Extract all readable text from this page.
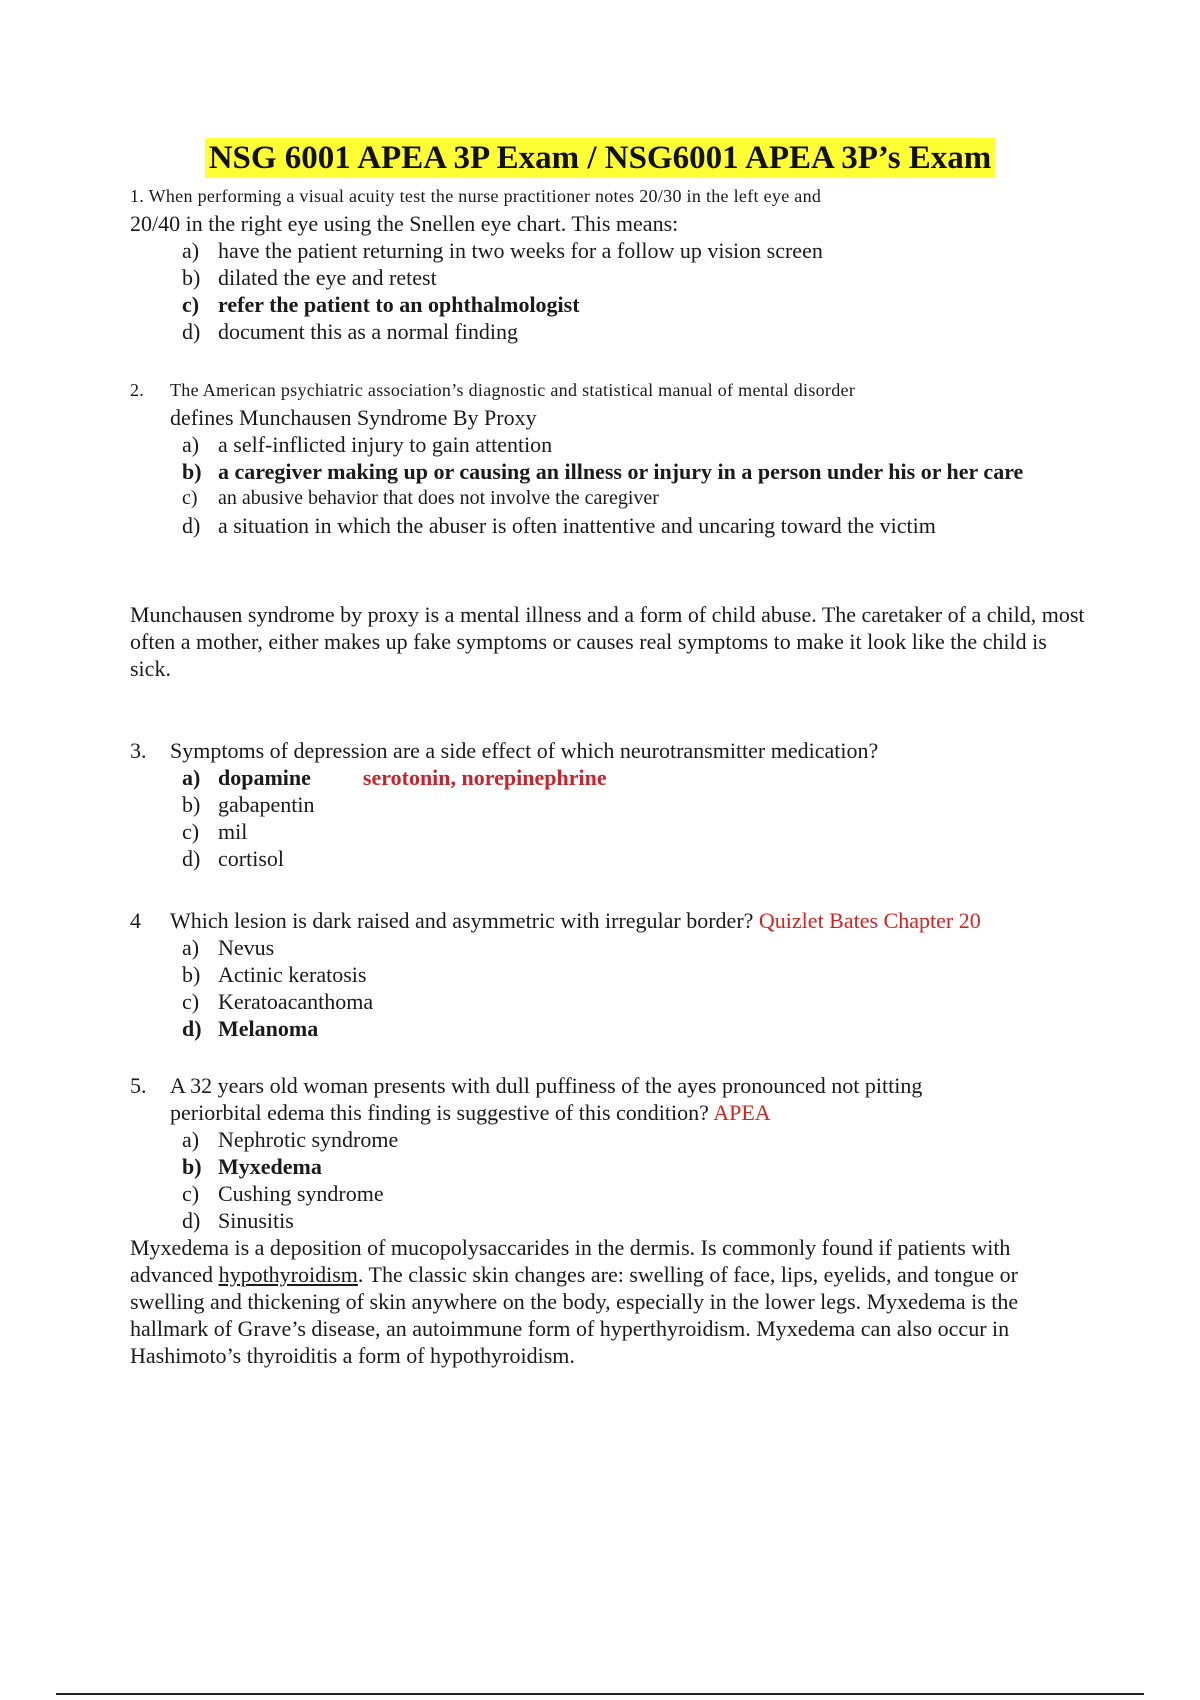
NSG 6001 APEA 3P Exam / NSG6001 APEA 3P’s Exam

1. When performing a visual acuity test the nurse practitioner notes 20/30 in the left eye and

20/40 in the right eye using the Snellen eye chart. This means:

a) have the patient returning in two weeks for a follow up vision screen
b) dilated the eye and retest
c) refer the patient to an ophthalmologist
d) document this as a normal finding

2. The American psychiatric association’s diagnostic and statistical manual of mental disorder

defines Munchausen Syndrome By Proxy

a) a self-inflicted injury to gain attention
b) a caregiver making up or causing an illness or injury in a person under his or her care
c) an abusive behavior that does not involve the caregiver
d) a situation in which the abuser is often inattentive and uncaring toward the victim

Munchausen syndrome by proxy is a mental illness and a form of child abuse. The caretaker of a child, most often a mother, either makes up fake symptoms or causes real symptoms to make it look like the child is sick.

3. Symptoms of depression are a side effect of which neurotransmitter medication?

a) dopamine serotonin, norepinephrine
b) gabapentin
c) mil
d) cortisol

4 Which lesion is dark raised and asymmetric with irregular border? Quizlet Bates Chapter 20

a) Nevus
b) Actinic keratosis
c) Keratoacanthoma
d) Melanoma

5. A 32 years old woman presents with dull puffiness of the ayes pronounced not pitting

periorbital edema this finding is suggestive of this condition? APEA

a) Nephrotic syndrome
b) Myxedema
c) Cushing syndrome
d) Sinusitis

Myxedema is a deposition of mucopolysaccarides in the dermis. Is commonly found if patients with advanced hypothyroidism. The classic skin changes are: swelling of face, lips, eyelids, and tongue or swelling and thickening of skin anywhere on the body, especially in the lower legs. Myxedema is the hallmark of Grave’s disease, an autoimmune form of hyperthyroidism. Myxedema can also occur in Hashimoto’s thyroiditis a form of hypothyroidism.
